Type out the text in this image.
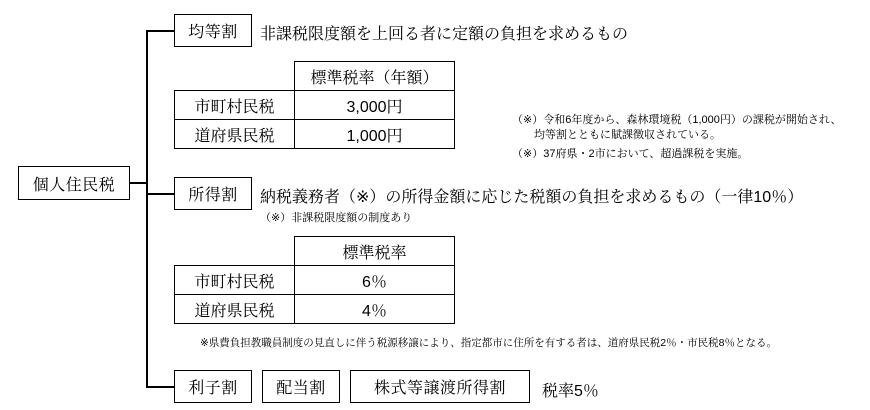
個人住民税
均等割 非課税限度額を上回る者に定額の負担を求めるもの
	標準税率（年額）
市町村民税	3,000円
道府県民税	1,000円
（※）令和6年度から、森林環境税（1,000円）の課税が開始され、
　　均等割とともに賦課徴収されている。
（※）37府県・2市において、超過課税を実施。
所得割 納税義務者（※）の所得金額に応じた税額の負担を求めるもの（一律10％）
（※）非課税限度額の制度あり
	標準税率
市町村民税	6％
道府県民税	4％
※県費負担教職員制度の見直しに伴う税源移譲により、指定都市に住所を有する者は、道府県民税2％・市民税8％となる。
利子割 配当割	株式等譲渡所得割 税率5％
